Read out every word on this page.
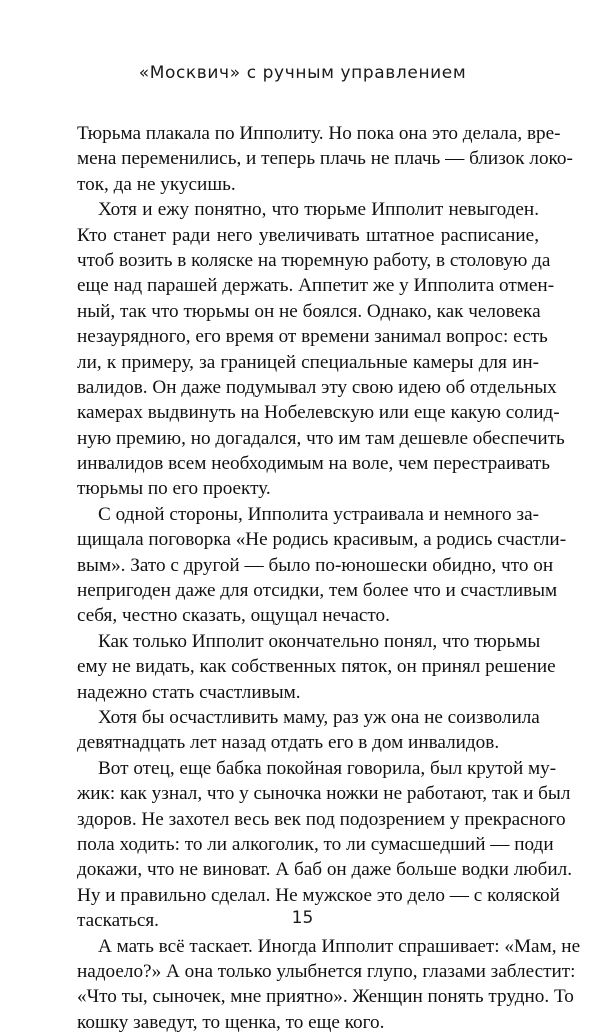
«Москвич» с ручным управлением
Тюрьма плакала по Ипполиту. Но пока она это делала, вре-
мена переменились, и теперь плачь не плачь — близок локо-
ток, да не укусишь.
Хотя и ежу понятно, что тюрьме Ипполит невыгоден.
Кто станет ради него увеличивать штатное расписание,
чтоб возить в коляске на тюремную работу, в столовую да
еще над парашей держать. Аппетит же у Ипполита отмен-
ный, так что тюрьмы он не боялся. Однако, как человека
незаурядного, его время от времени занимал вопрос: есть
ли, к примеру, за границей специальные камеры для ин-
валидов. Он даже подумывал эту свою идею об отдельных
камерах выдвинуть на Нобелевскую или еще какую солид-
ную премию, но догадался, что им там дешевле обеспечить
инвалидов всем необходимым на воле, чем перестраивать
тюрьмы по его проекту.
С одной стороны, Ипполита устраивала и немного за-
щищала поговорка «Не родись красивым, а родись счастли-
вым». Зато с другой — было по-юношески обидно, что он
непригоден даже для отсидки, тем более что и счастливым
себя, честно сказать, ощущал нечасто.
Как только Ипполит окончательно понял, что тюрьмы
ему не видать, как собственных пяток, он принял решение
надежно стать счастливым.
Хотя бы осчастливить маму, раз уж она не соизволила
девятнадцать лет назад отдать его в дом инвалидов.
Вот отец, еще бабка покойная говорила, был крутой му-
жик: как узнал, что у сыночка ножки не работают, так и был
здоров. Не захотел весь век под подозрением у прекрасного
пола ходить: то ли алкоголик, то ли сумасшедший — поди
докажи, что не виноват. А баб он даже больше водки любил.
Ну и правильно сделал. Не мужское это дело — с коляской
таскаться.
А мать всё таскает. Иногда Ипполит спрашивает: «Мам, не
надоело?» А она только улыбнется глупо, глазами заблестит:
«Что ты, сыночек, мне приятно». Женщин понять трудно. То
кошку заведут, то щенка, то еще кого.
15
